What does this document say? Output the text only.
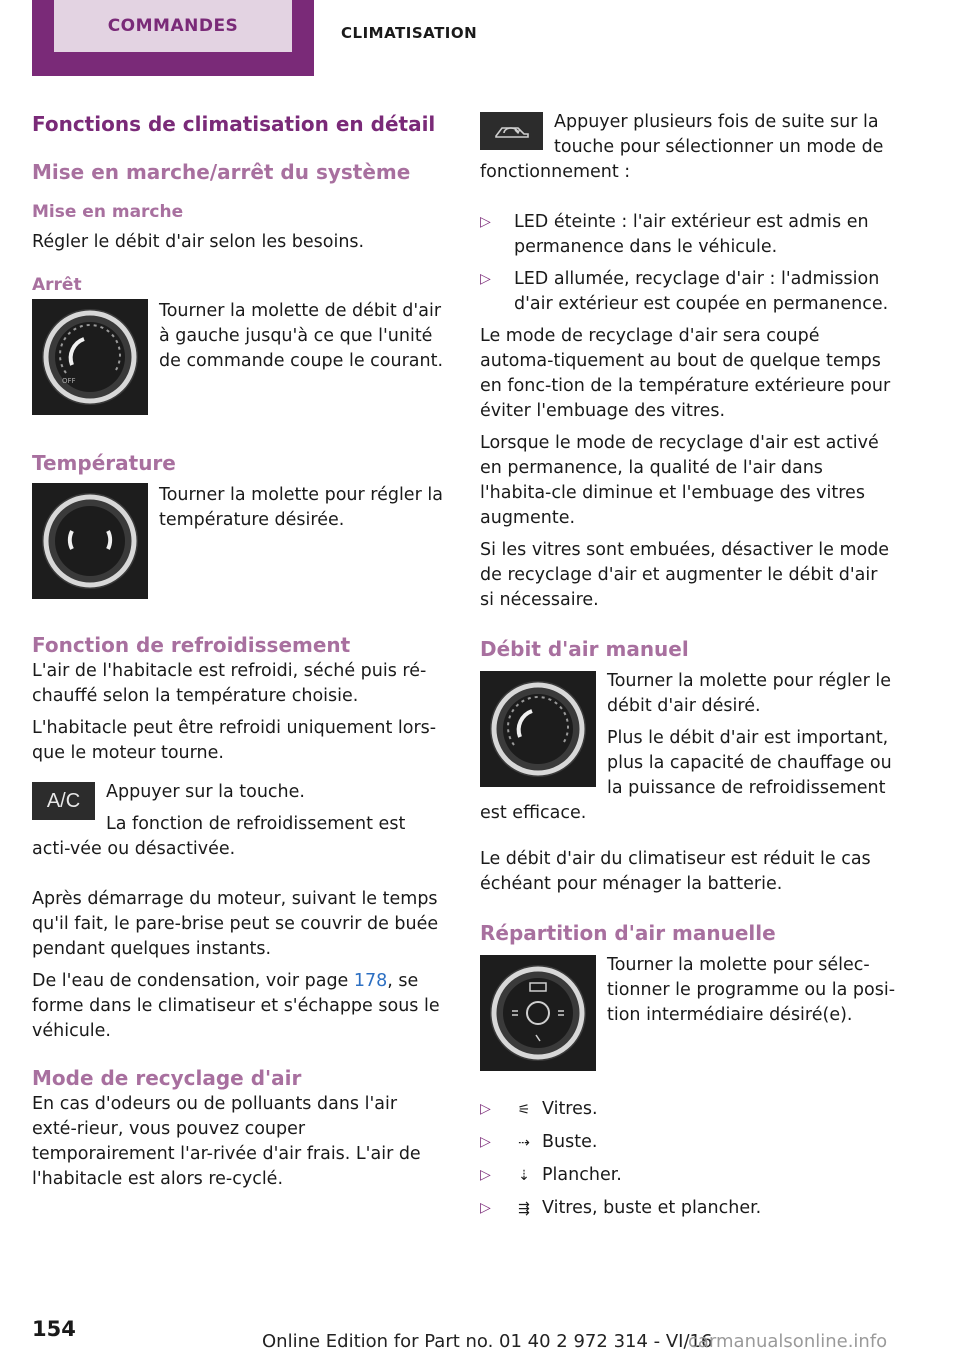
COMMANDES	CLIMATISATION
Fonctions de climatisation en détail
Mise en marche/arrêt du système
Mise en marche

Régler le débit d'air selon les besoins.

Arrêt
OFF

Tourner la molette de débit d'air à gauche jusqu'à ce que l'unité de commande coupe le courant.

Température

Tourner la molette pour régler la température désirée.

Fonction de refroidissement

L'air de l'habitacle est refroidi, séché puis ré-chauffé selon la température choisie.

L'habitacle peut être refroidi uniquement lors-que le moteur tourne.

A/C	Appuyer sur la touche.

La fonction de refroidissement est acti-vée ou désactivée.

Après démarrage du moteur, suivant le temps qu'il fait, le pare-brise peut se couvrir de buée pendant quelques instants.

De l'eau de condensation, voir page 178, se forme dans le climatiseur et s'échappe sous le véhicule.

Mode de recyclage d'air

En cas d'odeurs ou de polluants dans l'air exté-rieur, vous pouvez couper temporairement l'ar-rivée d'air frais. L'air de l'habitacle est alors re-cyclé.

Appuyer plusieurs fois de suite sur la touche pour sélectionner un mode de fonctionnement :

▷ LED éteinte : l'air extérieur est admis en permanence dans le véhicule.
▷ LED allumée, recyclage d'air : l'admission d'air extérieur est coupée en permanence.

Le mode de recyclage d'air sera coupé automa-tiquement au bout de quelque temps en fonc-tion de la température extérieure pour éviter l'embuage des vitres.

Lorsque le mode de recyclage d'air est activé en permanence, la qualité de l'air dans l'habita-cle diminue et l'embuage des vitres augmente.

Si les vitres sont embuées, désactiver le mode de recyclage d'air et augmenter le débit d'air si nécessaire.

Débit d'air manuel

Tourner la molette pour régler le débit d'air désiré.

Plus le débit d'air est important, plus la capacité de chauffage ou la puissance de refroidissement est efficace.

Le débit d'air du climatiseur est réduit le cas échéant pour ménager la batterie.

Répartition d'air manuelle

Tourner la molette pour sélec-tionner le programme ou la posi-tion intermédiaire désiré(e).

▷ ⚟ Vitres.
▷ ⇢ Buste.
▷ ⇣ Plancher.
▷ ⇶ Vitres, buste et plancher.
154
Online Edition for Part no. 01 40 2 972 314 - VI/16
carmanualsonline.info
